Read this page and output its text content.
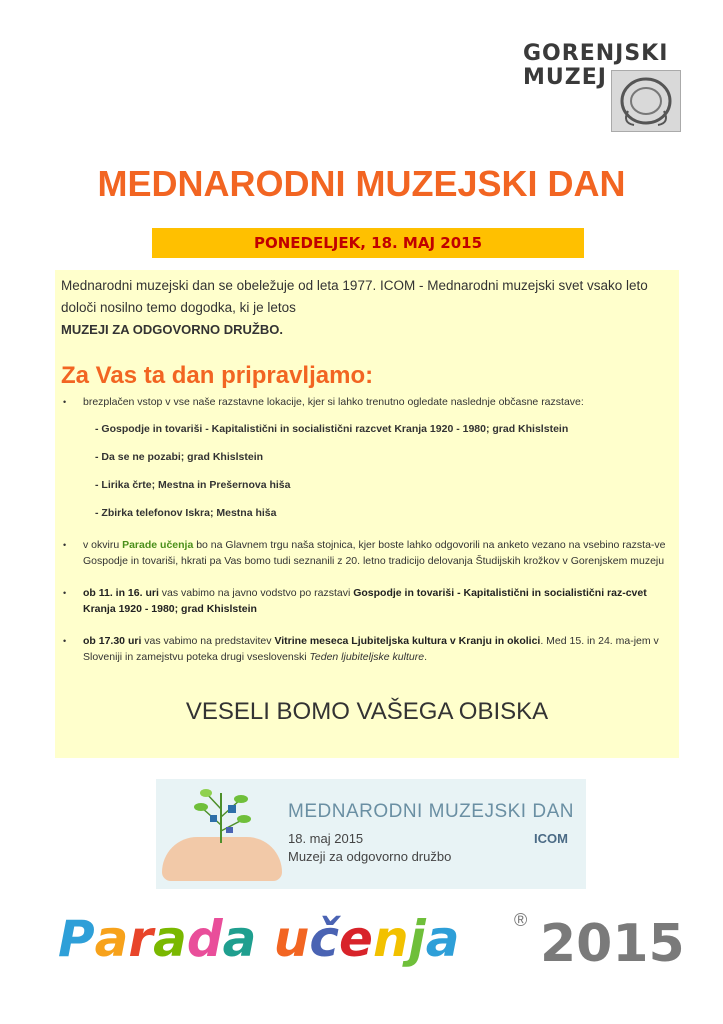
GORENJSKI
MUZEJ
MEDNARODNI MUZEJSKI DAN
PONEDELJEK, 18. MAJ 2015
Mednarodni muzejski dan se obeležuje od leta 1977. ICOM - Mednarodni muzejski svet vsako leto določi nosilno temo dogodka, ki je letos
MUZEJI ZA ODGOVORNO DRUŽBO.
Za Vas ta dan pripravljamo:
• brezplačen vstop v vse naše razstavne lokacije, kjer si lahko trenutno ogledate naslednje občasne razstave:
- Gospodje in tovariši - Kapitalistični in socialistični razcvet Kranja 1920 - 1980; grad Khislstein
- Da se ne pozabi; grad Khislstein
- Lirika črte; Mestna in Prešernova hiša
- Zbirka telefonov Iskra; Mestna hiša
• v okviru Parade učenja bo na Glavnem trgu naša stojnica, kjer boste lahko odgovorili na anketo vezano na vsebino razsta-ve Gospodje in tovariši, hkrati pa Vas bomo tudi seznanili z 20. letno tradicijo delovanja Študijskih krožkov v Gorenjskem muzeju
• ob 11. in 16. uri vas vabimo na javno vodstvo po razstavi Gospodje in tovariši - Kapitalistični in socialistični raz-cvet Kranja 1920 - 1980; grad Khislstein
• ob 17.30 uri vas vabimo na predstavitev Vitrine meseca Ljubiteljska kultura v Kranju in okolici. Med 15. in 24. ma-jem v Sloveniji in zamejstvu poteka drugi vseslovenski Teden ljubiteljske kulture.
VESELI BOMO VAŠEGA OBISKA
MEDNARODNI MUZEJSKI DAN
18. maj 2015
Muzeji za odgovorno družbo
ICOM
Parada učenja	® 2015
